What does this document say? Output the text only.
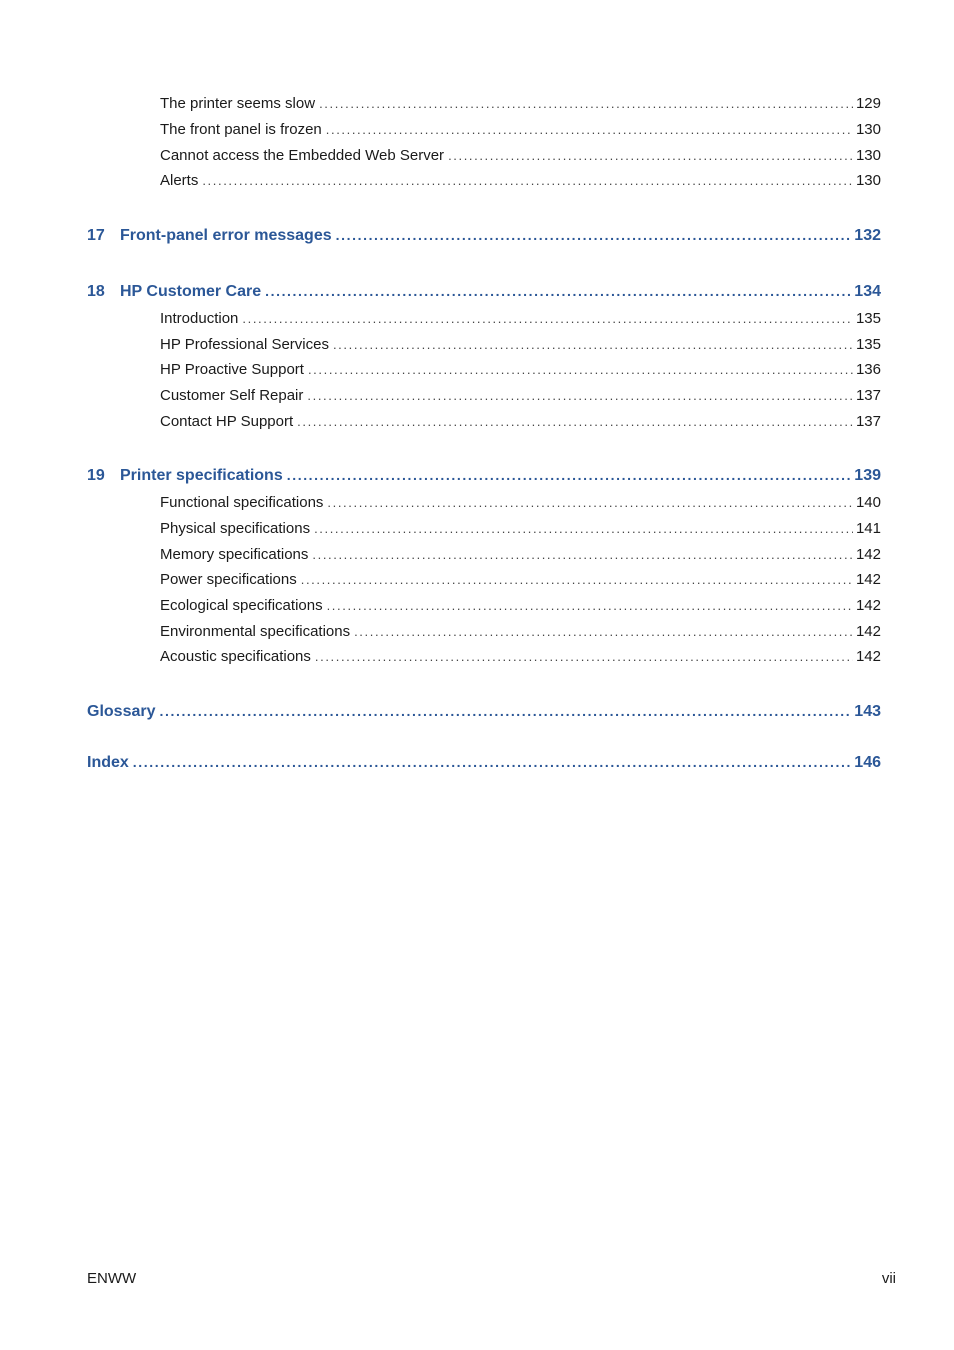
The printer seems slow .....	129
The front panel is frozen .....	130
Cannot access the Embedded Web Server .....	130
Alerts .....	130
17 Front-panel error messages .....	132
18 HP Customer Care .....	134
Introduction .....	135
HP Professional Services .....	135
HP Proactive Support .....	136
Customer Self Repair .....	137
Contact HP Support .....	137
19 Printer specifications .....	139
Functional specifications .....	140
Physical specifications .....	141
Memory specifications .....	142
Power specifications .....	142
Ecological specifications .....	142
Environmental specifications .....	142
Acoustic specifications .....	142
Glossary .....	143
Index .....	146
ENWW	vii
